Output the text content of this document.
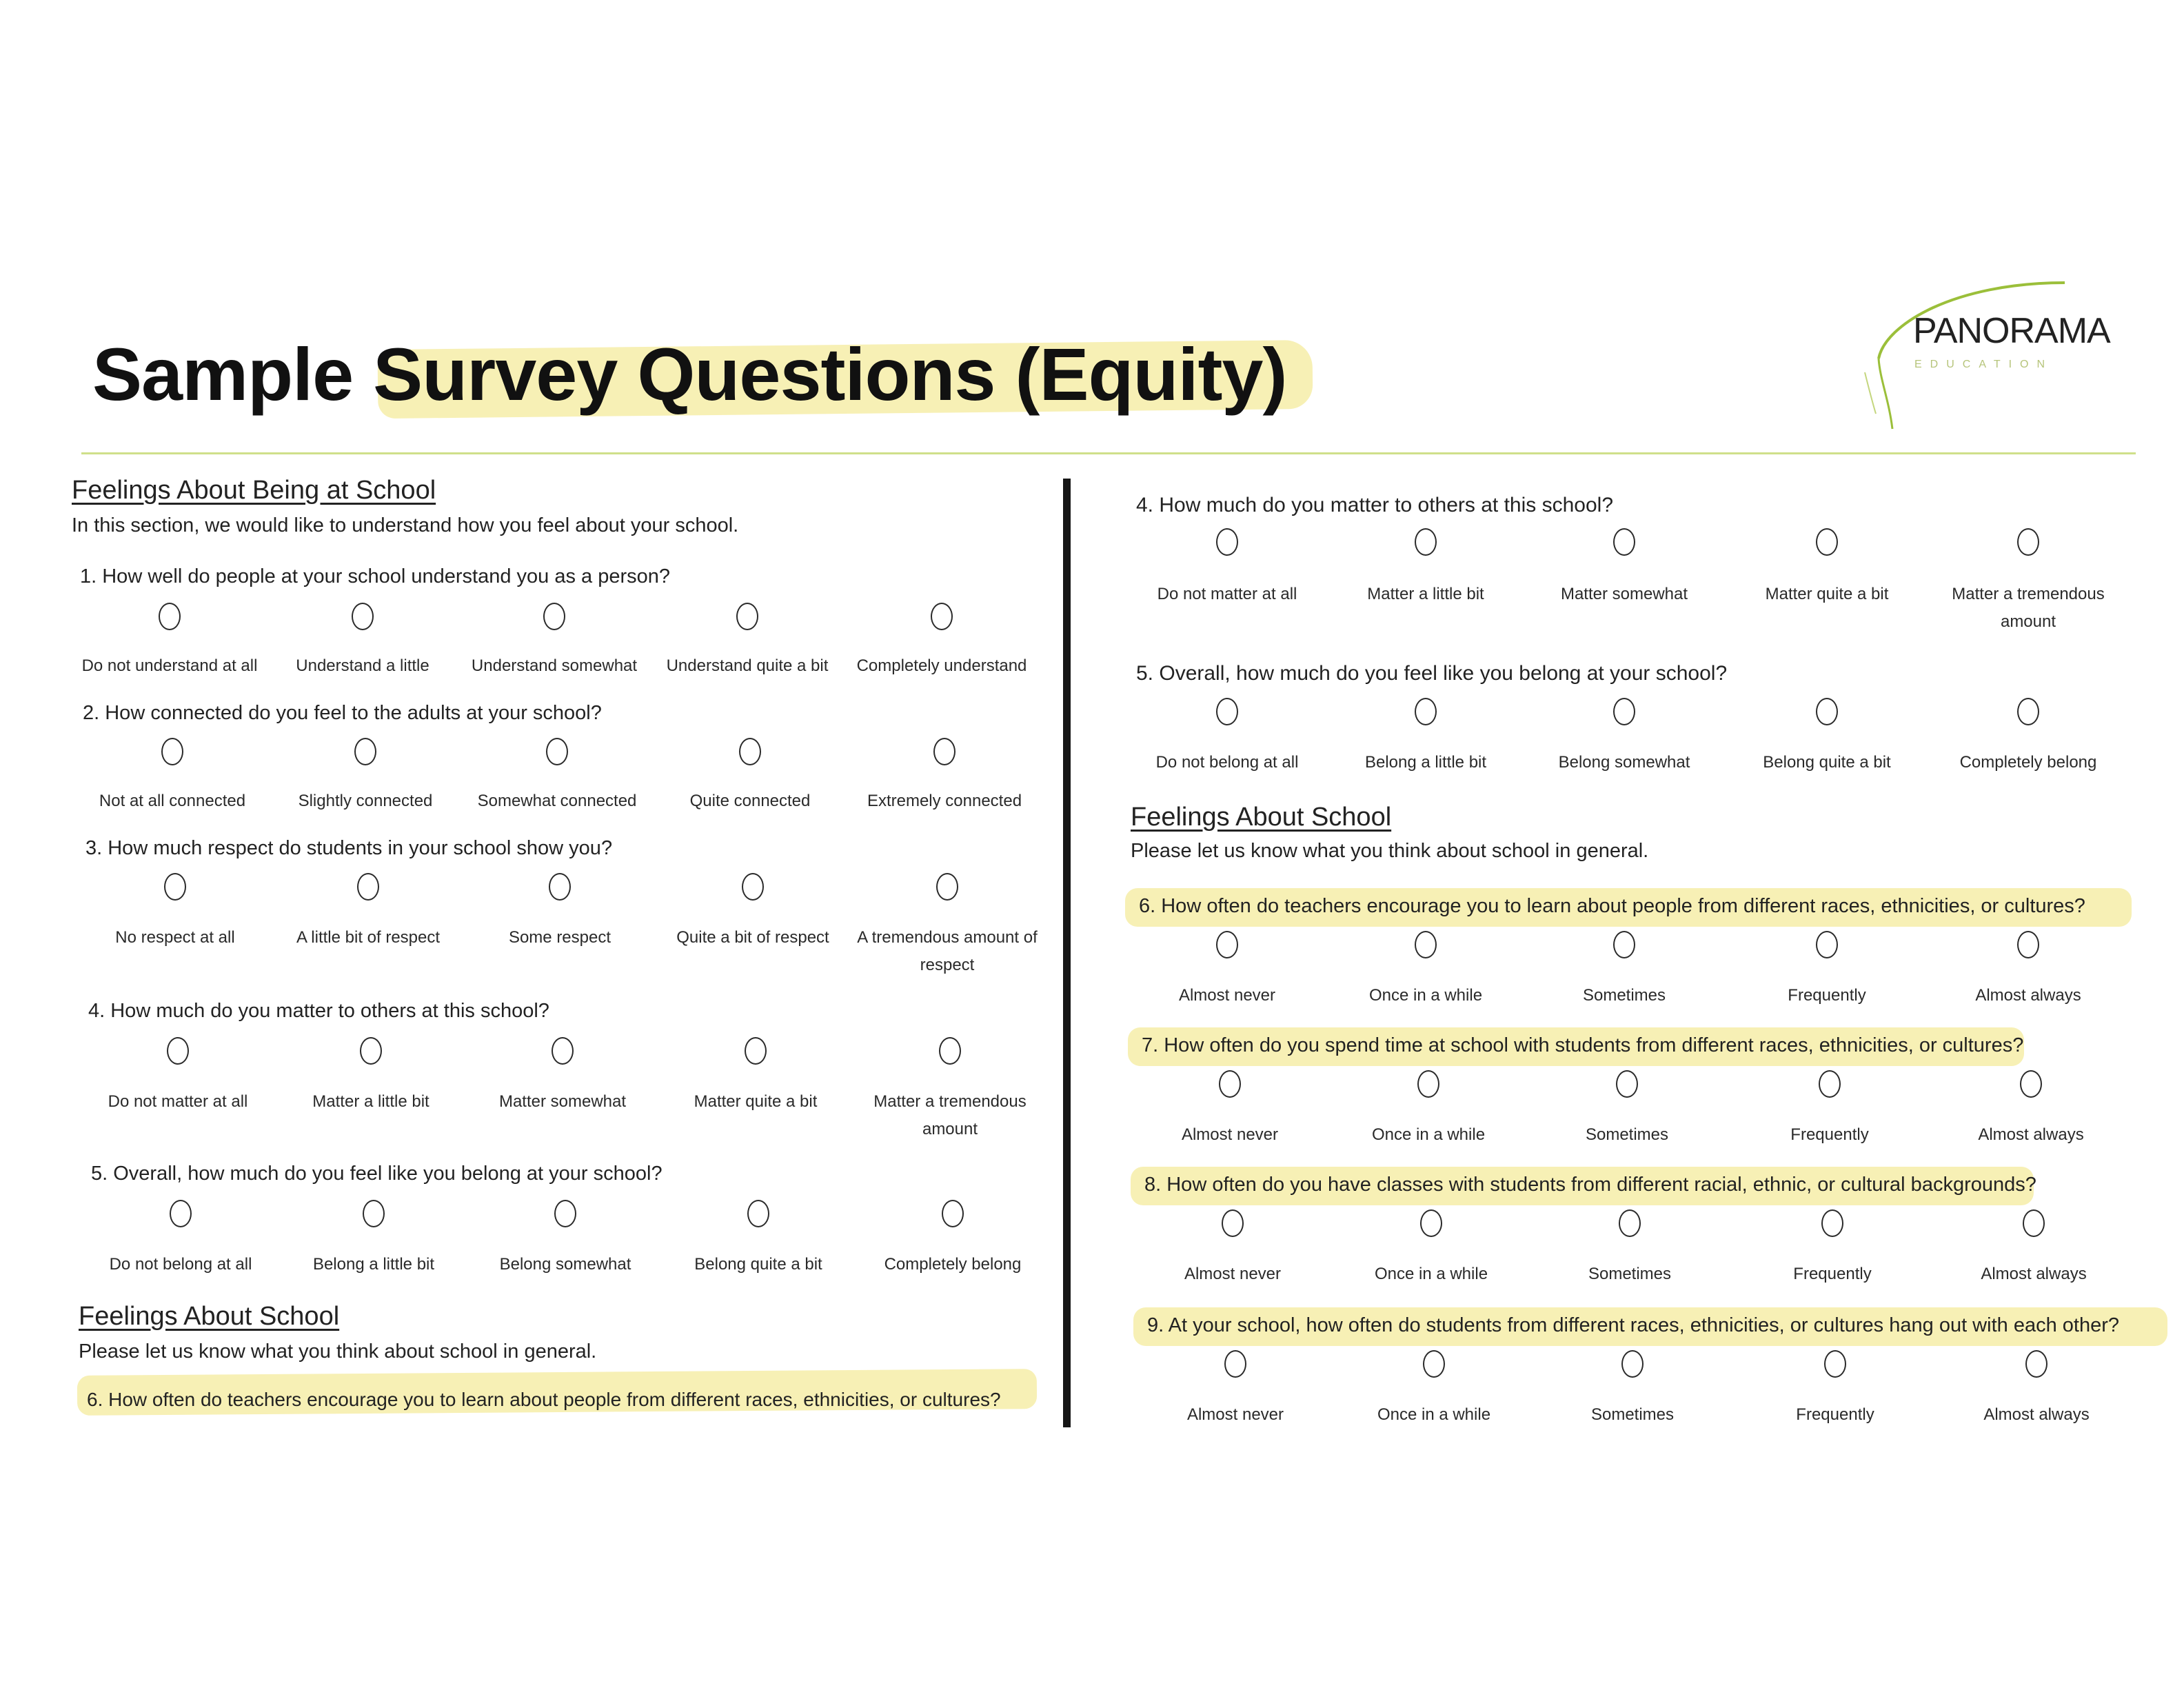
Sample Survey Questions (Equity)
PANORAMA
EDUCATION
Feelings About Being at School
In this section, we would like to understand how you feel about your school.
1. How well do people at your school understand you as a person?
Do not understand at all	Understand a little	Understand somewhat	Understand quite a bit	Completely understand
2. How connected do you feel to the adults at your school?
Not at all connected	Slightly connected	Somewhat connected	Quite connected	Extremely connected
3. How much respect do students in your school show you?
No respect at all	A little bit of respect	Some respect	Quite a bit of respect	A tremendous amount of respect
4. How much do you matter to others at this school?
Do not matter at all	Matter a little bit	Matter somewhat	Matter quite a bit	Matter a tremendous amount
5. Overall, how much do you feel like you belong at your school?
Do not belong at all	Belong a little bit	Belong somewhat	Belong quite a bit	Completely belong
Feelings About School
Please let us know what you think about school in general.
6. How often do teachers encourage you to learn about people from different races, ethnicities, or cultures?
4. How much do you matter to others at this school?
Do not matter at all	Matter a little bit	Matter somewhat	Matter quite a bit	Matter a tremendous amount
5. Overall, how much do you feel like you belong at your school?
Do not belong at all	Belong a little bit	Belong somewhat	Belong quite a bit	Completely belong
Feelings About School
Please let us know what you think about school in general.
6. How often do teachers encourage you to learn about people from different races, ethnicities, or cultures?
Almost never	Once in a while	Sometimes	Frequently	Almost always
7. How often do you spend time at school with students from different races, ethnicities, or cultures?
Almost never	Once in a while	Sometimes	Frequently	Almost always
8. How often do you have classes with students from different racial, ethnic, or cultural backgrounds?
Almost never	Once in a while	Sometimes	Frequently	Almost always
9. At your school, how often do students from different races, ethnicities, or cultures hang out with each other?
Almost never	Once in a while	Sometimes	Frequently	Almost always
